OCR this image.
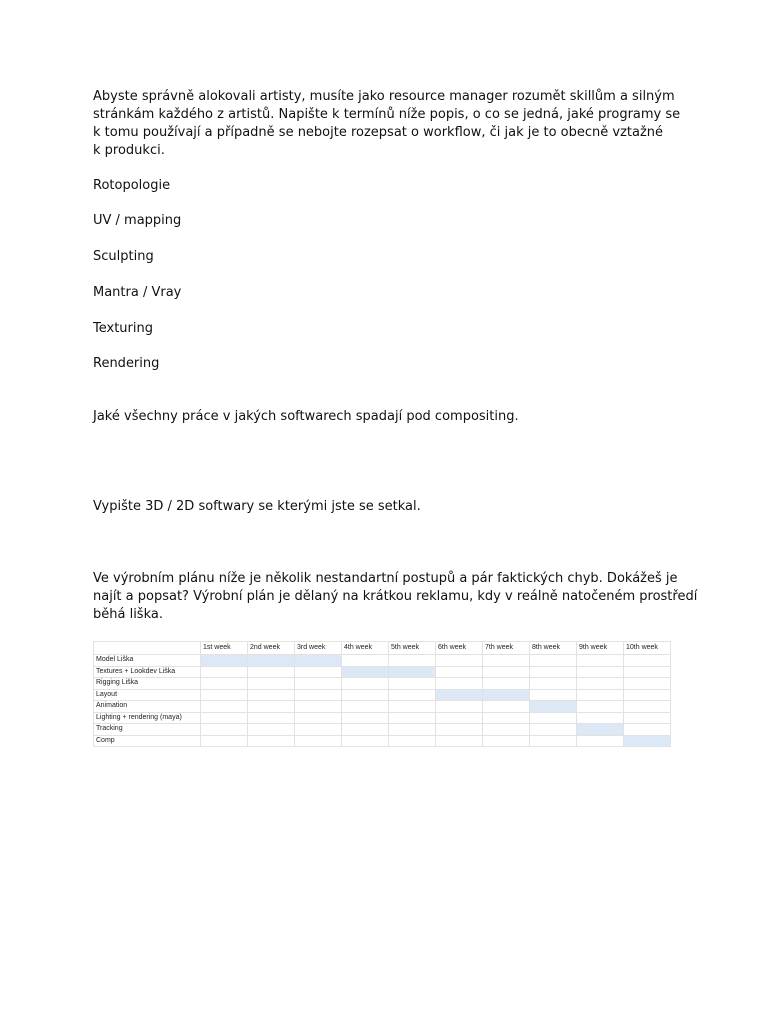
Abyste správně alokovali artisty, musíte jako resource manager rozumět skillům a silným
stránkám každého z artistů. Napište k termínů níže popis, o co se jedná, jaké programy se
k tomu používají a případně se nebojte rozepsat o workflow, či jak je to obecně vztažné
k produkci.

Rotopologie

UV / mapping

Sculpting

Mantra / Vray

Texturing

Rendering

Jaké všechny práce v jakých softwarech spadají pod compositing.

Vypište 3D / 2D softwary se kterými jste se setkal.

Ve výrobním plánu níže je několik nestandartní postupů a pár faktických chyb. Dokážeš je
najít a popsat? Výrobní plán je dělaný na krátkou reklamu, kdy v reálně natočeném prostředí
běhá liška.
	1st week	2nd week	3rd week	4th week	5th week	6th week	7th week	8th week	9th week	10th week
Model Liška										
Textures + Lookdev Liška										
Rigging Liška										
Layout										
Animation										
Lighting + rendering (maya)										
Tracking										
Comp										
